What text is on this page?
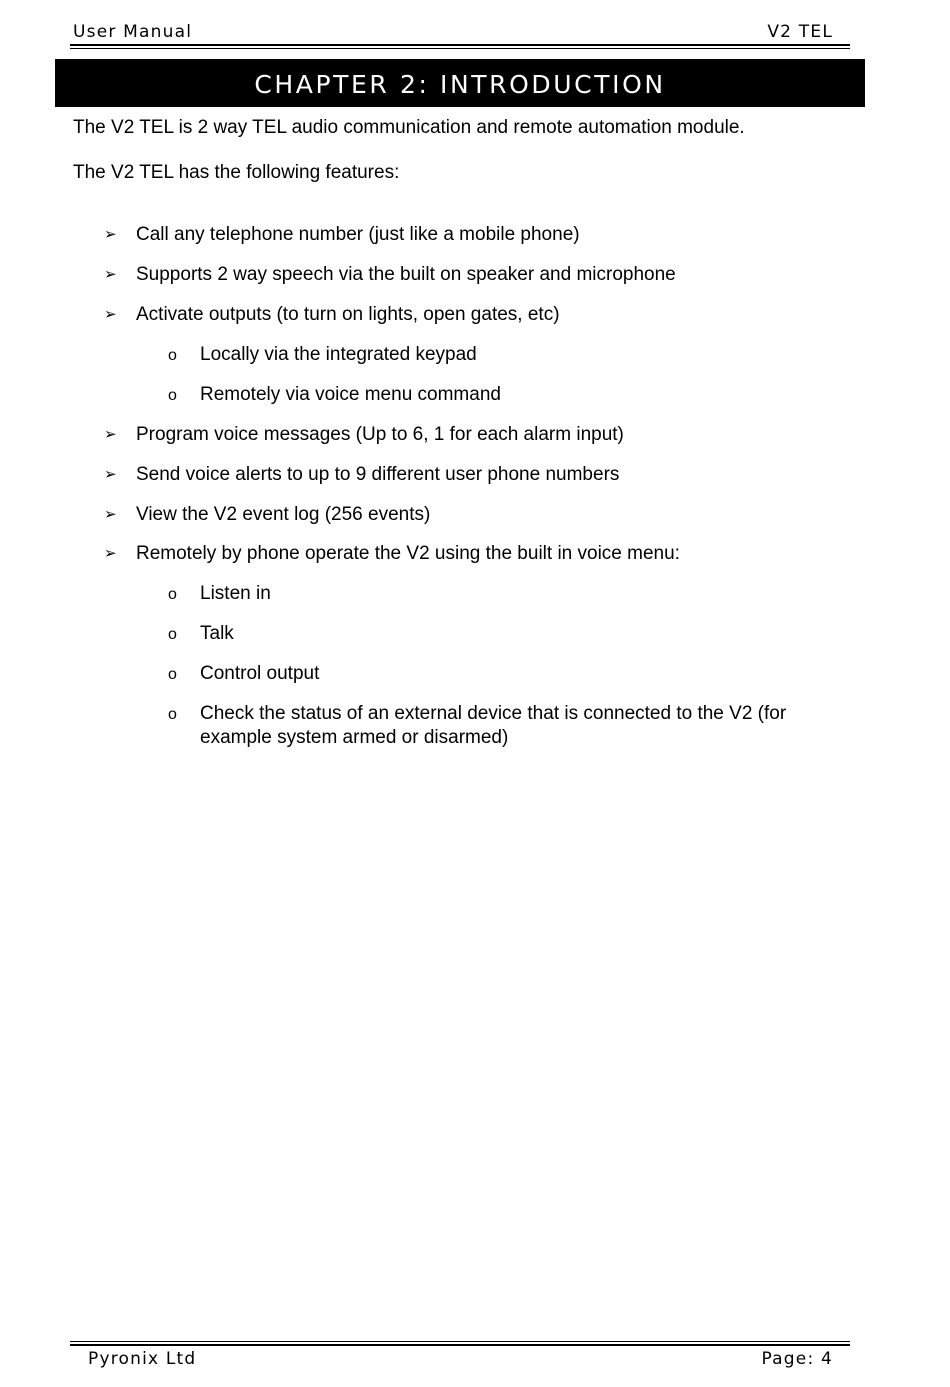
User Manual	V2 TEL
CHAPTER 2: INTRODUCTION
The V2 TEL is 2 way TEL audio communication and remote automation module.
The V2 TEL has the following features:
➢ Call any telephone number (just like a mobile phone)
➢ Supports 2 way speech via the built on speaker and microphone
➢ Activate outputs (to turn on lights, open gates, etc)
o Locally via the integrated keypad
o Remotely via voice menu command
➢ Program voice messages (Up to 6, 1 for each alarm input)
➢ Send voice alerts to up to 9 different user phone numbers
➢ View the V2 event log (256 events)
➢ Remotely by phone operate the V2 using the built in voice menu:
o Listen in
o Talk
o Control output
o Check the status of an external device that is connected to the V2 (for example system armed or disarmed)
Pyronix Ltd	Page: 4
